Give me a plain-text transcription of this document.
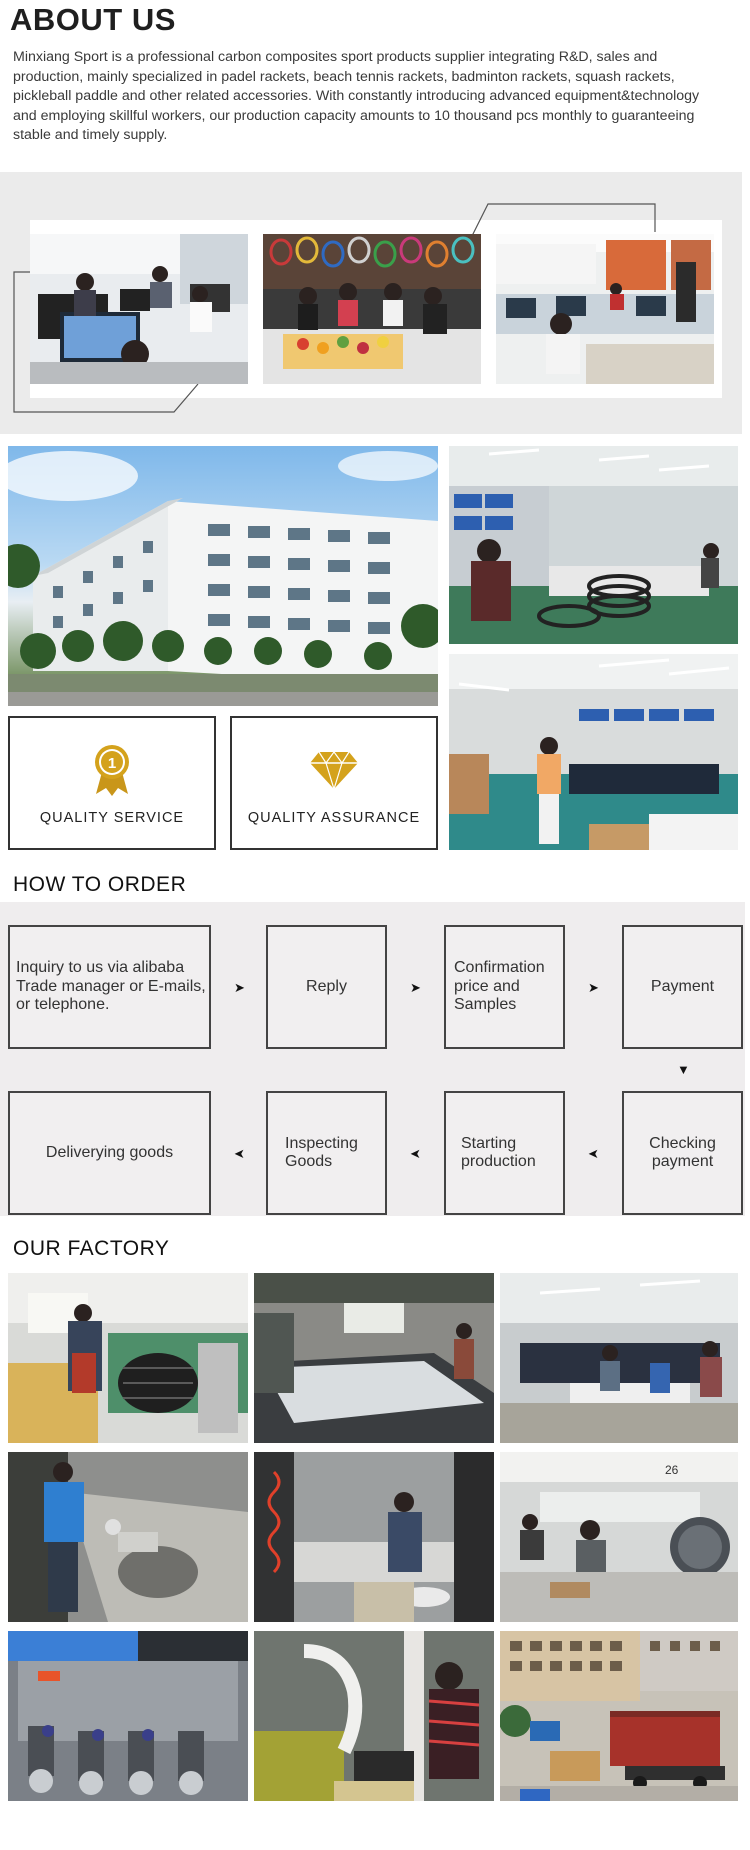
ABOUT US

Minxiang Sport is a professional carbon composites sport products supplier integrating R&D, sales and production, mainly specialized in padel rackets, beach tennis rackets, badminton rackets, squash rackets, pickleball paddle and other related accessories. With constantly introducing advanced equipment&technology and employing skillful workers, our production capacity amounts to 10 thousand pcs monthly to guaranteeing stable and timely supply.

1
QUALITY SERVICE	QUALITY ASSURANCE
HOW TO ORDER
Inquiry to us via alibaba Trade manager or E-mails, or telephone.
➤	Reply	➤
Confirmation price and Samples
➤	Payment
▼
Checking payment
➤
Starting production
➤
Inspecting Goods
➤
Deliverying goods
OUR FACTORY
26
